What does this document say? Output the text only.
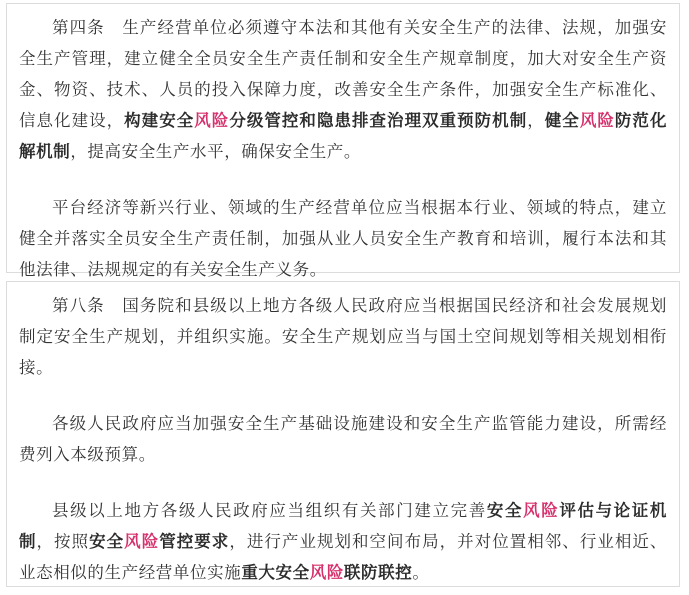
第四条　生产经营单位必须遵守本法和其他有关安全生产的法律、法规，加强安全生产管理，建立健全全员安全生产责任制和安全生产规章制度，加大对安全生产资金、物资、技术、人员的投入保障力度，改善安全生产条件，加强安全生产标准化、信息化建设，构建安全风险分级管控和隐患排查治理双重预防机制，健全风险防范化解机制，提高安全生产水平，确保安全生产。

平台经济等新兴行业、领域的生产经营单位应当根据本行业、领域的特点，建立健全并落实全员安全生产责任制，加强从业人员安全生产教育和培训，履行本法和其他法律、法规规定的有关安全生产义务。

第八条　国务院和县级以上地方各级人民政府应当根据国民经济和社会发展规划制定安全生产规划，并组织实施。安全生产规划应当与国土空间规划等相关规划相衔接。

各级人民政府应当加强安全生产基础设施建设和安全生产监管能力建设，所需经费列入本级预算。

县级以上地方各级人民政府应当组织有关部门建立完善安全风险评估与论证机制，按照安全风险管控要求，进行产业规划和空间布局，并对位置相邻、行业相近、业态相似的生产经营单位实施重大安全风险联防联控。
